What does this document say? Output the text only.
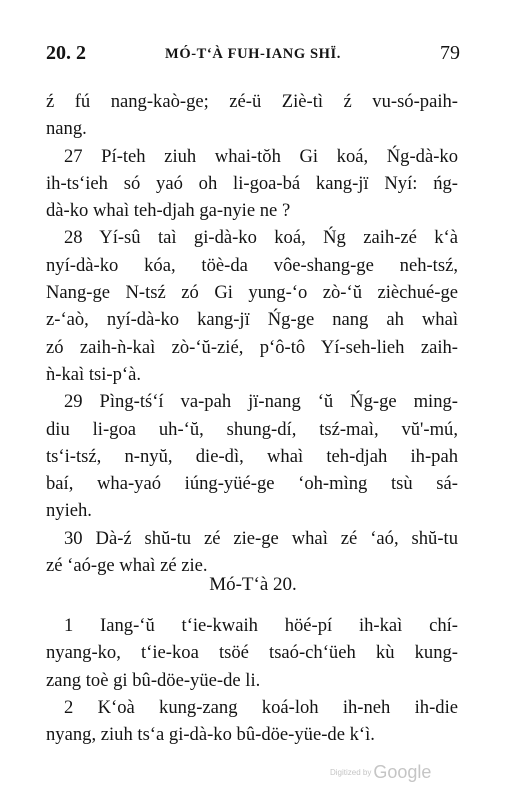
20. 2	MÓ-T‘À FUH-IANG SHÏ.	79

ź fú nang-kaò-ge; zé-ü Ziè-tì ź vu-só-paih-
nang.

27 Pí-teh ziuh whai-tŏh Gi koá, Ńg-dà-ko
ih-ts‘ieh só yaó oh li-goa-bá kang-jï Nyí: ńg-
dà-ko whaì teh-djah ga-nyie ne ?

28 Yí-sû taì gi-dà-ko koá, Ńg zaih-zé k‘à
nyí-dà-ko kóa, töè-da vôe-shang-ge neh-tsź,
Nang-ge N-tsź zó Gi yung-‘o zò-‘ŭ zièchué-ge
z-‘aò, nyí-dà-ko kang-jï Ńg-ge nang ah whaì
zó zaih-ǹ-kaì zò-‘ŭ-zié, p‘ô-tô Yí-seh-lieh zaih-
ǹ-kaì tsi-p‘à.

29 Pìng-tś‘í va-pah jï-nang ‘ŭ Ńg-ge ming-
diu li-goa uh-‘ŭ, shung-dí, tsź-maì, vŭ'-mú,
ts‘i-tsź, n-nyŭ, die-dì, whaì teh-djah ih-pah
baí, wha-yaó iúng-yüé-ge ‘oh-mìng tsù sá-
nyieh.

30 Dà-ź shŭ-tu zé zie-ge whaì zé ‘aó, shŭ-tu
zé ‘aó-ge whaì zé zie.

Mó-T‘à 20.

1 Iang-‘ŭ t‘ie-kwaih höé-pí ih-kaì chí-
nyang-ko, t‘ie-koa tsöé tsaó-ch‘üeh kù kung-
zang toè gi bû-döe-yüe-de li.

2 K‘oà kung-zang koá-loh ih-neh ih-die
nyang, ziuh ts‘a gi-dà-ko bû-döe-yüe-de k‘ì.

Digitized by Google
